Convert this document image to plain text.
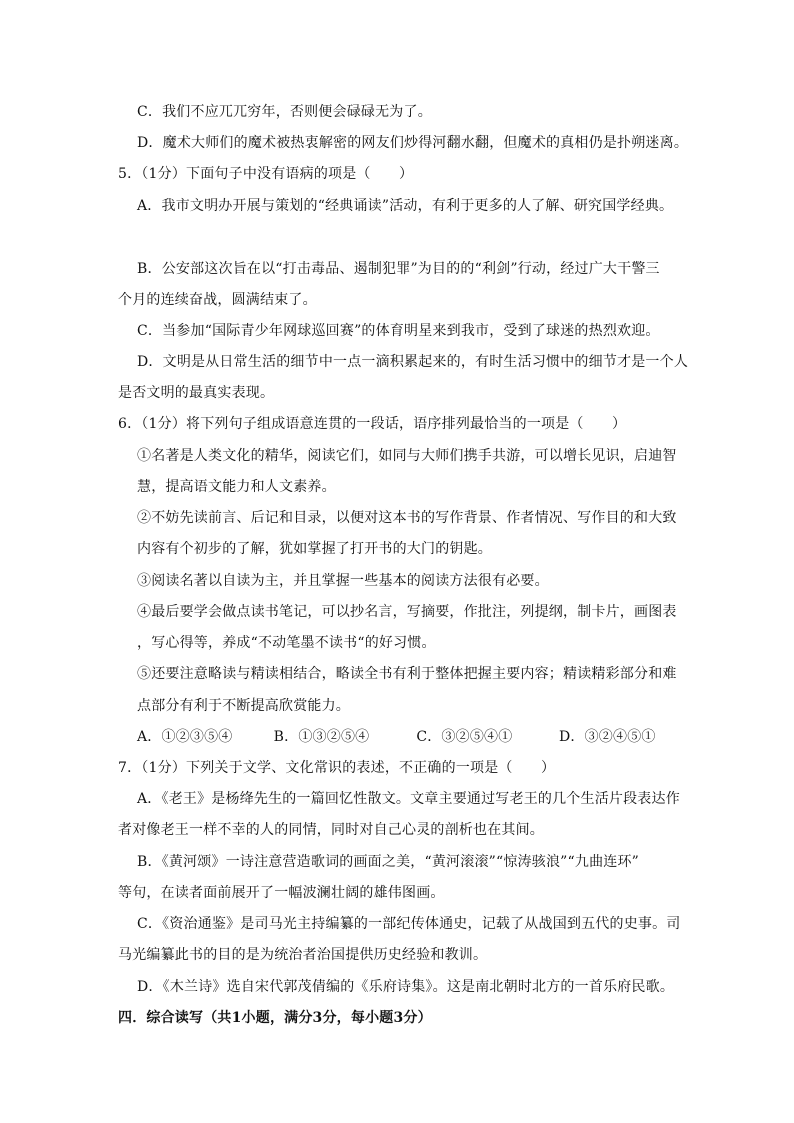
C．我们不应兀兀穷年，否则便会碌碌无为了。
D．魔术大师们的魔术被热衷解密的网友们炒得河翻水翻，但魔术的真相仍是扑朔迷离。
5．（1分）下面句子中没有语病的项是（　　）
A．我市文明办开展与策划的“经典诵读”活动，有利于更多的人了解、研究国学经典。
B．公安部这次旨在以“打击毒品、遏制犯罪”为目的的“利剑”行动，经过广大干警三
个月的连续奋战，圆满结束了。
C．当参加“国际青少年网球巡回赛”的体育明星来到我市，受到了球迷的热烈欢迎。
D．文明是从日常生活的细节中一点一滴积累起来的，有时生活习惯中的细节才是一个人
是否文明的最真实表现。
6．（1分）将下列句子组成语意连贯的一段话，语序排列最恰当的一项是（　　）
①名著是人类文化的精华，阅读它们，如同与大师们携手共游，可以增长见识，启迪智
慧，提高语文能力和人文素养。
②不妨先读前言、后记和目录，以便对这本书的写作背景、作者情况、写作目的和大致
内容有个初步的了解，犹如掌握了打开书的大门的钥匙。
③阅读名著以自读为主，并且掌握一些基本的阅读方法很有必要。
④最后要学会做点读书笔记，可以抄名言，写摘要，作批注，列提纲，制卡片，画图表
，写心得等，养成“不动笔墨不读书“的好习惯。
⑤还要注意略读与精读相结合，略读全书有利于整体把握主要内容；精读精彩部分和难
点部分有利于不断提高欣赏能力。
A．①②③⑤④	B．①③②⑤④	C．③②⑤④①	D．③②④⑤①
7．（1分）下列关于文学、文化常识的表述，不正确的一项是（　　）
A．《老王》是杨绛先生的一篇回忆性散文。文章主要通过写老王的几个生活片段表达作
者对像老王一样不幸的人的同情，同时对自己心灵的剖析也在其间。
B．《黄河颂》一诗注意营造歌词的画面之美，“黄河滚滚”“惊涛骇浪”“九曲连环”
等句，在读者面前展开了一幅波澜壮阔的雄伟图画。
C．《资治通鉴》是司马光主持编纂的一部纪传体通史，记载了从战国到五代的史事。司
马光编纂此书的目的是为统治者治国提供历史经验和教训。
D．《木兰诗》选自宋代郭茂倩编的《乐府诗集》。这是南北朝时北方的一首乐府民歌。
四．综合读写（共1小题，满分3分，每小题3分）
